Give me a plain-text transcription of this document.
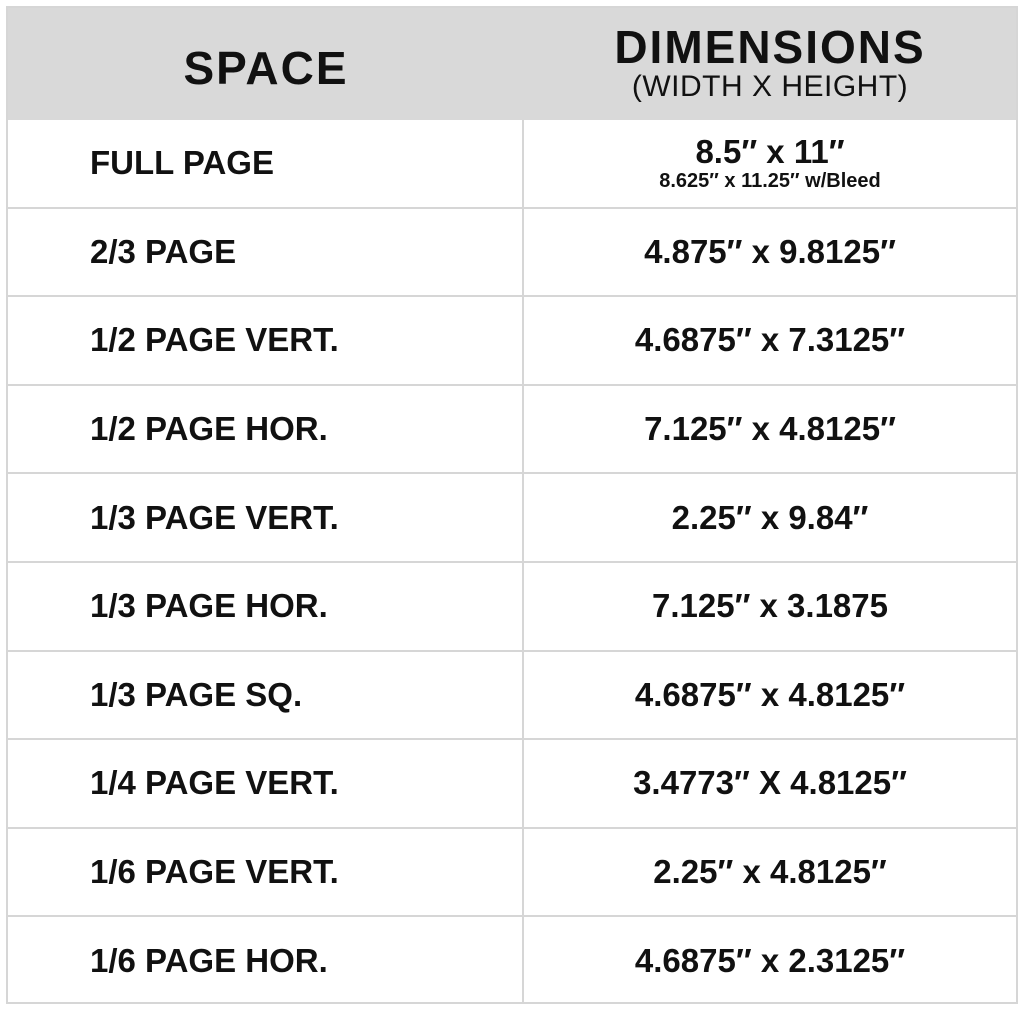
SPACE	DIMENSIONS
(WIDTH X HEIGHT)
FULL PAGE	8.5″ x 11″
8.625″ x 11.25″ w/Bleed
2/3 PAGE	4.875″ x 9.8125″
1/2 PAGE VERT.	4.6875″ x 7.3125″
1/2 PAGE HOR.	7.125″ x 4.8125″
1/3 PAGE VERT.	2.25″ x 9.84″
1/3 PAGE HOR.	7.125″ x 3.1875
1/3 PAGE SQ.	4.6875″ x 4.8125″
1/4 PAGE VERT.	3.4773″ X 4.8125″
1/6 PAGE VERT.	2.25″ x 4.8125″
1/6 PAGE HOR.	4.6875″ x 2.3125″
